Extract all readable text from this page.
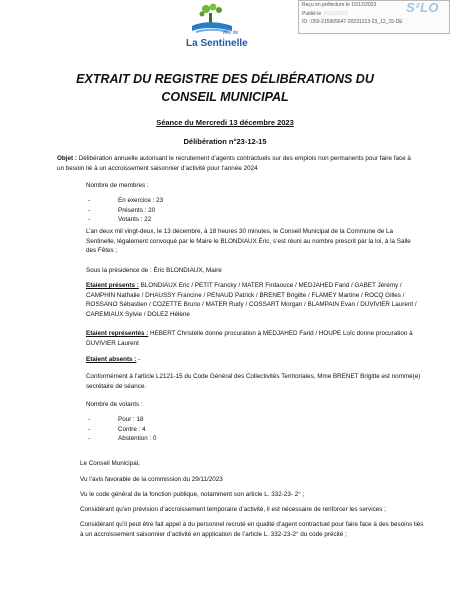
Ville de
La Sentinelle
Reçu en préfecture le 15/12/2023
Publié le 15/12/2023
ID : 059-215905647-20231213-23_12_15-DE
S²LO
EXTRAIT DU REGISTRE DES DÉLIBÉRATIONS DU
CONSEIL MUNICIPAL
Séance du Mercredi 13 décembre 2023
Délibération n°23-12-15
Objet : Délibération annuelle autorisant le recrutement d’agents contractuels sur des emplois non permanents pour faire face à un besoin lié à un accroissement saisonnier d’activité pour l’année 2024
Nombre de membres :
- En exercice : 23
- Présents : 20
- Votants : 22
L’an deux mil vingt-deux, le 13 décembre, à 18 heures 30 minutes, le Conseil Municipal de la Commune de La Sentinelle, légalement convoqué par le Maire le BLONDIAUX Éric, s’est réuni au nombre prescrit par la loi, à la Salle des Fêtes ;
Sous la présidence de : Éric BLONDIAUX, Maire
Etaient présents : BLONDIAUX Eric / PETIT Francky / MATER Firdaouce / MEDJAHED Farid / GABET Jérémy / CAMPHIN Nathalie / DHAUSSY Francine / PENAUD Patrick / BRENET Brigitte / FLAMEY Martine / ROCQ Gilles / ROSSANO Sébastien / COZETTE Bruno / MATER Rudy / COSSART Morgan / BLAMPAIN Evan / DUVIVIER Laurent / CAREMIAUX Sylvie / DOLEZ Hélène
Etaient représentés : HEBERT Christelle donne procuration à MEDJAHED Farid / HOUPE Loïc donne procuration à DUVIVIER Laurent
Etaient absents : -
Conformément à l’article L2121-15 du Code Général des Collectivités Territoriales, Mme BRENET Brigitte est nommé(e) secrétaire de séance.
Nombre de votants :
- Pour : 18
- Contre : 4
- Abstention : 0
Le Conseil Municipal,
Vu l’avis favorable de la commission du 29/11/2023
Vu le code général de la fonction publique, notamment son article L. 332-23- 2° ;
Considérant qu’en prévision d’accroissement temporaire d’activité, il est nécessaire de renforcer les services ;
Considérant qu’il peut être fait appel à du personnel recruté en qualité d’agent contractuel pour faire face à des besoins liés à un accroissement saisonnier d’activité en application de l’article L. 332-23-2° du code précité ;
